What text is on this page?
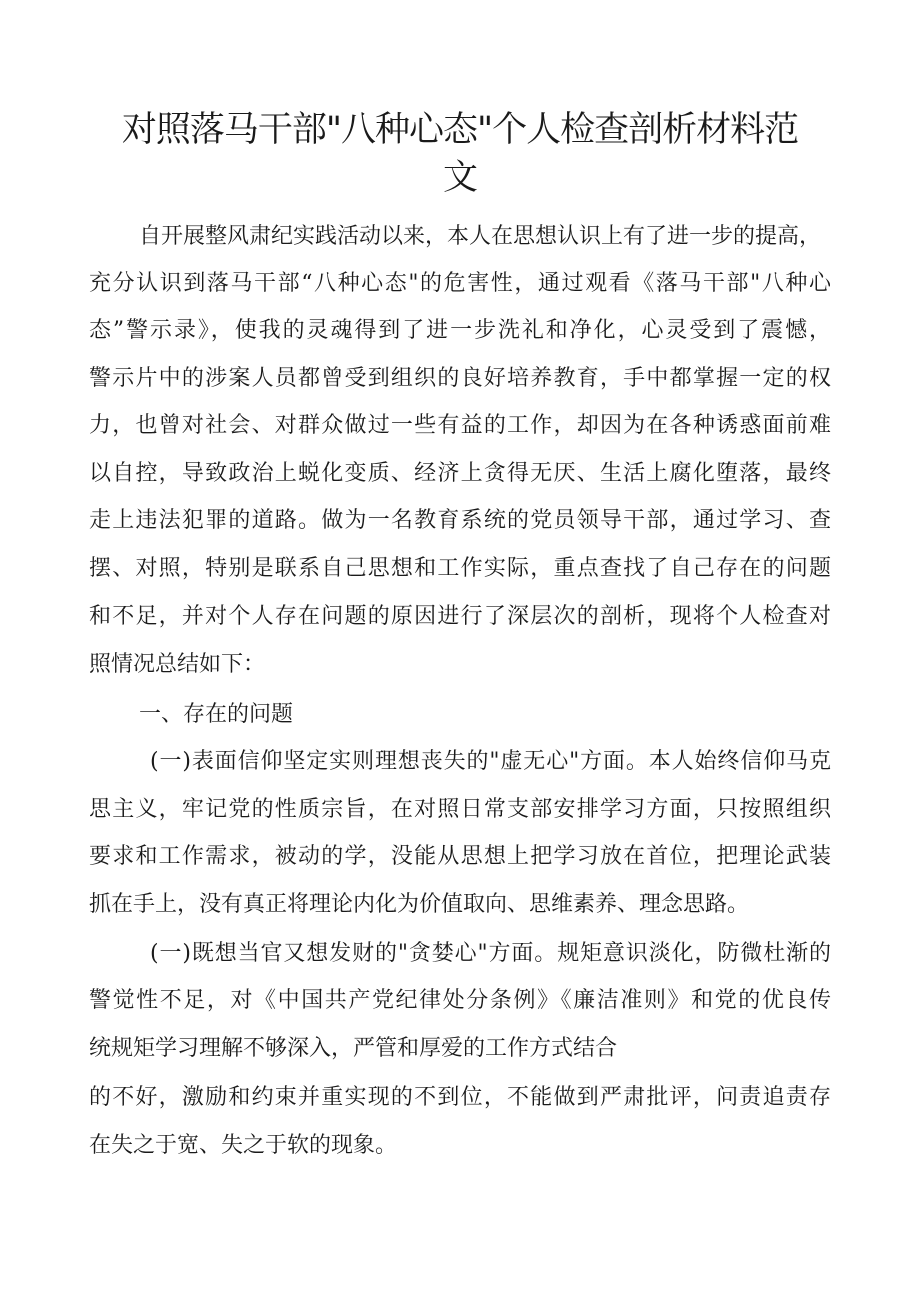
对照落马干部"八种心态"个人检查剖析材料范
文
自开展整风肃纪实践活动以来，本人在思想认识上有了进一步的提高，
充分认识到落马干部“八种心态"的危害性，通过观看《落马干部"八种心
态”警示录》，使我的灵魂得到了进一步洗礼和净化，心灵受到了震憾，
警示片中的涉案人员都曾受到组织的良好培养教育，手中都掌握一定的权
力，也曾对社会、对群众做过一些有益的工作，却因为在各种诱惑面前难
以自控，导致政治上蜕化变质、经济上贪得无厌、生活上腐化堕落，最终
走上违法犯罪的道路。做为一名教育系统的党员领导干部，通过学习、查
摆、对照，特别是联系自己思想和工作实际，重点查找了自己存在的问题
和不足，并对个人存在问题的原因进行了深层次的剖析，现将个人检查对
照情况总结如下：
一、存在的问题
(一)表面信仰坚定实则理想丧失的"虚无心"方面。本人始终信仰马克
思主义，牢记党的性质宗旨，在对照日常支部安排学习方面，只按照组织
要求和工作需求，被动的学，没能从思想上把学习放在首位，把理论武装
抓在手上，没有真正将理论内化为价值取向、思维素养、理念思路。
(一)既想当官又想发财的"贪婪心"方面。规矩意识淡化，防微杜渐的
警觉性不足，对《中国共产党纪律处分条例》《廉洁准则》和党的优良传
统规矩学习理解不够深入，严管和厚爱的工作方式结合
的不好，激励和约束并重实现的不到位，不能做到严肃批评，问责追责存
在失之于宽、失之于软的现象。
